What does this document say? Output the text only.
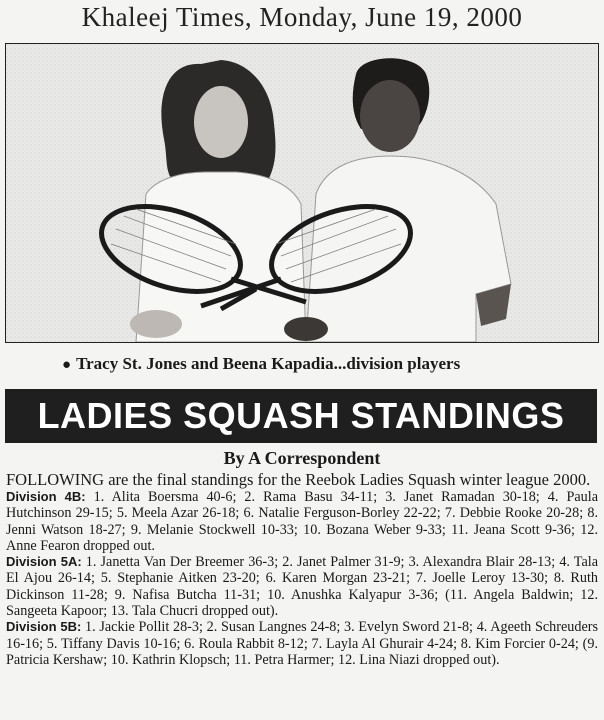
Khaleej Times, Monday, June 19, 2000
● Tracy St. Jones and Beena Kapadia...division players
LADIES SQUASH STANDINGS
By A Correspondent

FOLLOWING are the final standings for the Reebok Ladies Squash winter league 2000.

Division 4B: 1. Alita Boersma 40-6; 2. Rama Basu 34-11; 3. Janet Ramadan 30-18; 4. Paula Hutchinson 29-15; 5. Meela Azar 26-18; 6. Natalie Ferguson-Borley 22-22; 7. Debbie Rooke 20-28; 8. Jenni Watson 18-27; 9. Melanie Stockwell 10-33; 10. Bozana Weber 9-33; 11. Jeana Scott 9-36; 12. Anne Fearon dropped out.

Division 5A: 1. Janetta Van Der Breemer 36-3; 2. Janet Palmer 31-9; 3. Alexandra Blair 28-13; 4. Tala El Ajou 26-14; 5. Stephanie Aitken 23-20; 6. Karen Morgan 23-21; 7. Joelle Leroy 13-30; 8. Ruth Dickinson 11-28; 9. Nafisa Butcha 11-31; 10. Anushka Kalyapur 3-36; (11. Angela Baldwin; 12. Sangeeta Kapoor; 13. Tala Chucri dropped out).

Division 5B: 1. Jackie Pollit 28-3; 2. Susan Langnes 24-8; 3. Evelyn Sword 21-8; 4. Ageeth Schreuders 16-16; 5. Tiffany Davis 10-16; 6. Roula Rabbit 8-12; 7. Layla Al Ghurair 4-24; 8. Kim Forcier 0-24; (9. Patricia Kershaw; 10. Kathrin Klopsch; 11. Petra Harmer; 12. Lina Niazi dropped out).
